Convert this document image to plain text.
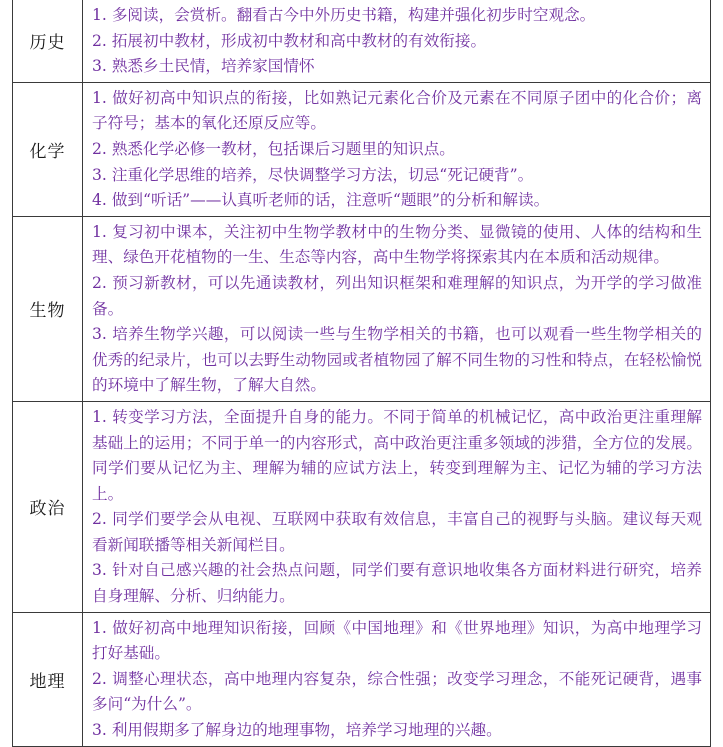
历史	1. 多阅读，会赏析。翻看古今中外历史书籍，构建并强化初步时空观念。
2. 拓展初中教材，形成初中教材和高中教材的有效衔接。
3. 熟悉乡土民情，培养家国情怀

化学	1. 做好初高中知识点的衔接，比如熟记元素化合价及元素在不同原子团中的化合价；离子符号；基本的氧化还原反应等。
2. 熟悉化学必修一教材，包括课后习题里的知识点。
3. 注重化学思维的培养，尽快调整学习方法，切忌“死记硬背”。
4. 做到“听话”——认真听老师的话，注意听“题眼”的分析和解读。

生物	1. 复习初中课本，关注初中生物学教材中的生物分类、显微镜的使用、人体的结构和生理、绿色开花植物的一生、生态等内容，高中生物学将探索其内在本质和活动规律。
2. 预习新教材，可以先通读教材，列出知识框架和难理解的知识点，为开学的学习做准备。
3. 培养生物学兴趣，可以阅读一些与生物学相关的书籍，也可以观看一些生物学相关的优秀的纪录片，也可以去野生动物园或者植物园了解不同生物的习性和特点，在轻松愉悦的环境中了解生物，了解大自然。

政治	1. 转变学习方法，全面提升自身的能力。不同于简单的机械记忆，高中政治更注重理解基础上的运用；不同于单一的内容形式，高中政治更注重多领域的涉猎，全方位的发展。同学们要从记忆为主、理解为辅的应试方法上，转变到理解为主、记忆为辅的学习方法上。
2. 同学们要学会从电视、互联网中获取有效信息，丰富自己的视野与头脑。建议每天观看新闻联播等相关新闻栏目。
3. 针对自己感兴趣的社会热点问题，同学们要有意识地收集各方面材料进行研究，培养自身理解、分析、归纳能力。

地理	1. 做好初高中地理知识衔接，回顾《中国地理》和《世界地理》知识，为高中地理学习打好基础。
2. 调整心理状态，高中地理内容复杂，综合性强；改变学习理念，不能死记硬背，遇事多问“为什么”。
3. 利用假期多了解身边的地理事物，培养学习地理的兴趣。
